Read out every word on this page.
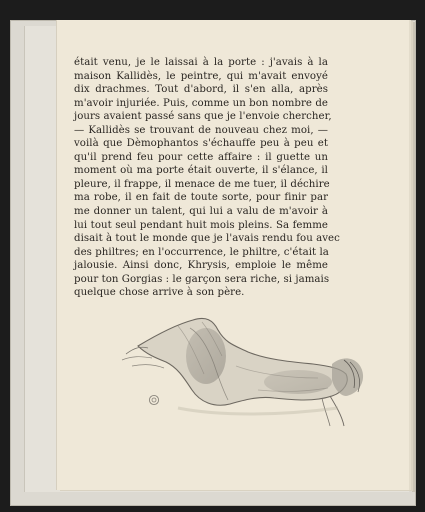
était venu, je le laissai à la porte : j'avais à la
maison Kallidès, le peintre, qui m'avait envoyé
dix drachmes. Tout d'abord, il s'en alla, après
m'avoir injuriée. Puis, comme un bon nombre de
jours avaient passé sans que je l'envoie chercher,
— Kallidès se trouvant de nouveau chez moi, —
voilà que Dèmophantos s'échauffe peu à peu et
qu'il prend feu pour cette affaire : il guette un
moment où ma porte était ouverte, il s'élance, il
pleure, il frappe, il menace de me tuer, il déchire
ma robe, il en fait de toute sorte, pour finir par
me donner un talent, qui lui a valu de m'avoir à
lui tout seul pendant huit mois pleins. Sa femme
disait à tout le monde que je l'avais rendu fou avec
des philtres; en l'occurrence, le philtre, c'était la
jalousie. Ainsi donc, Khrysis, emploie le même
pour ton Gorgias : le garçon sera riche, si jamais
quelque chose arrive à son père.
